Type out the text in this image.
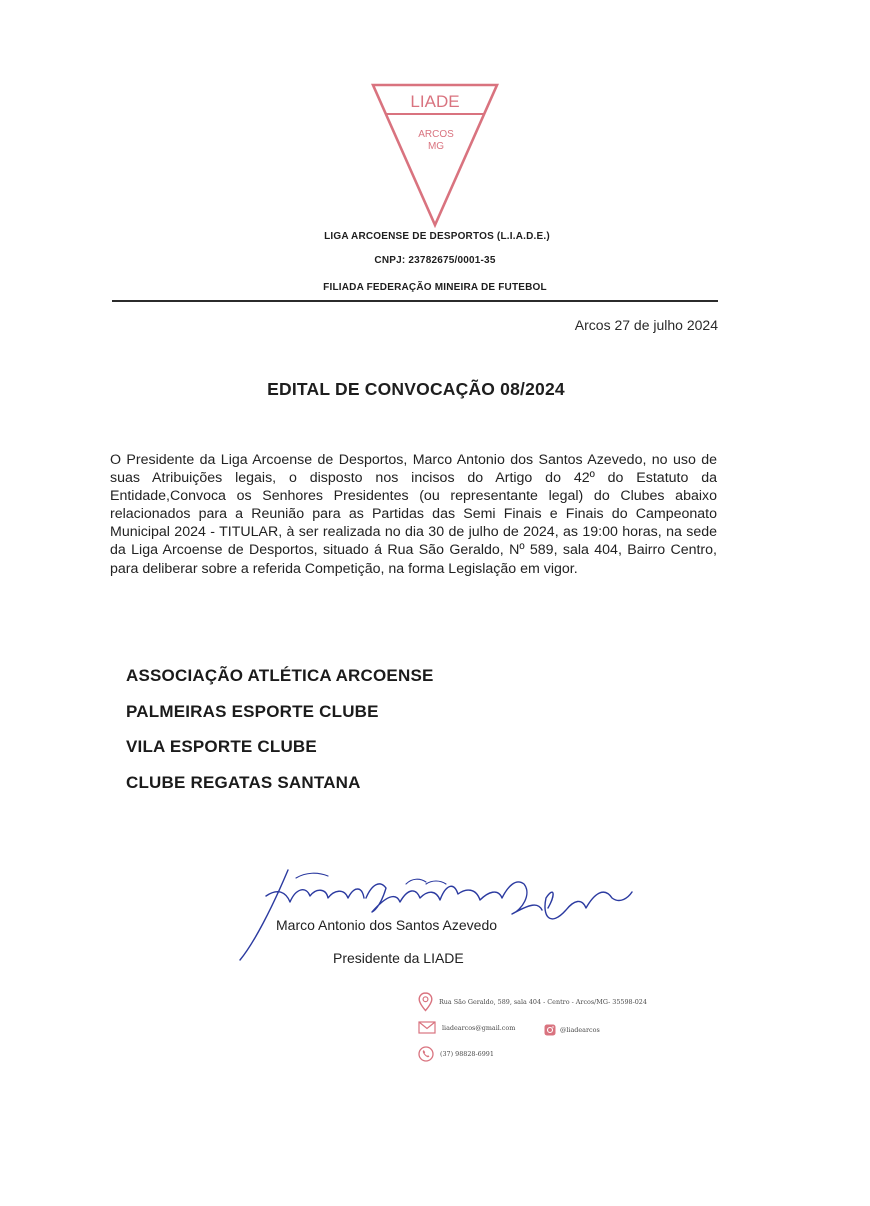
LIADE
ARCOS
MG
LIGA ARCOENSE DE DESPORTOS (L.I.A.D.E.)
CNPJ: 23782675/0001-35
FILIADA FEDERAÇÃO MINEIRA DE FUTEBOL
Arcos 27 de julho 2024
EDITAL DE CONVOCAÇÃO 08/2024
O Presidente da Liga Arcoense de Desportos, Marco Antonio dos Santos Azevedo, no uso de suas Atribuições legais, o disposto nos incisos do Artigo do 42º do Estatuto da Entidade,Convoca os Senhores Presidentes (ou representante legal) do Clubes abaixo relacionados para a Reunião para as Partidas das Semi Finais e Finais do Campeonato Municipal 2024 - TITULAR, à ser realizada no dia 30 de julho de 2024, as 19:00 horas, na sede da Liga Arcoense de Desportos, situado á Rua São Geraldo, Nº 589, sala 404, Bairro Centro, para deliberar sobre a referida Competição, na forma Legislação em vigor.
ASSOCIAÇÃO ATLÉTICA ARCOENSE
PALMEIRAS ESPORTE CLUBE
VILA ESPORTE CLUBE
CLUBE REGATAS SANTANA
Marco Antonio dos Santos Azevedo
Presidente da LIADE
Rua São Geraldo, 589, sala 404 - Centro - Arcos/MG- 35598-024
liadearcos@gmail.com	@liadearcos
(37) 98828-6991
